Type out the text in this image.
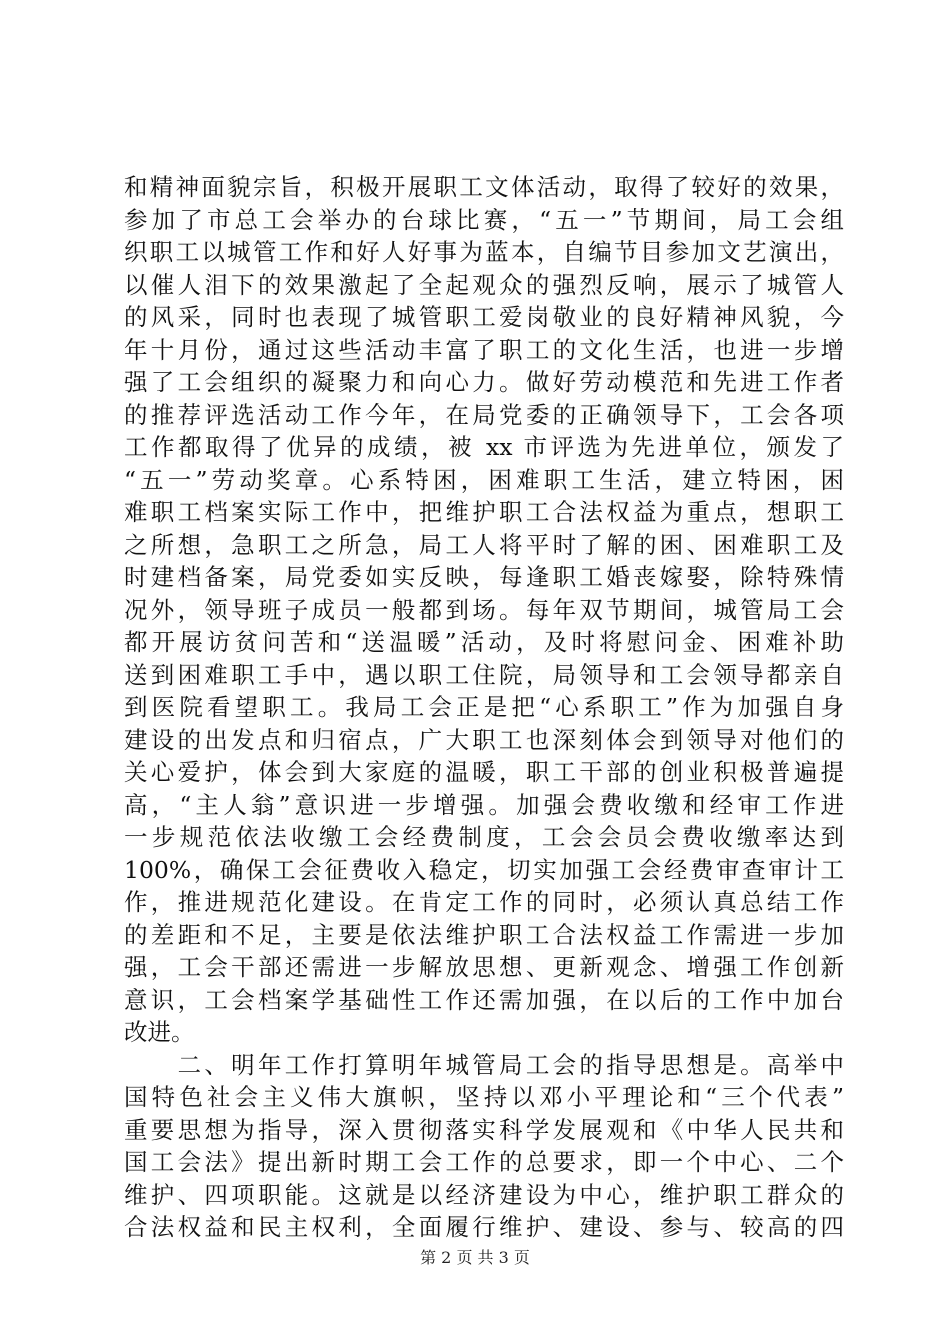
和精神面貌宗旨，积极开展职工文体活动，取得了较好的效果，
参加了市总工会举办的台球比赛，“五一”节期间，局工会组
织职工以城管工作和好人好事为蓝本，自编节目参加文艺演出，
以催人泪下的效果激起了全起观众的强烈反响，展示了城管人
的风采，同时也表现了城管职工爱岗敬业的良好精神风貌，今
年十月份，通过这些活动丰富了职工的文化生活，也进一步增
强了工会组织的凝聚力和向心力。做好劳动模范和先进工作者
的推荐评选活动工作今年，在局党委的正确领导下，工会各项
工作都取得了优异的成绩，被 xx 市评选为先进单位，颁发了
“五一”劳动奖章。心系特困，困难职工生活，建立特困，困
难职工档案实际工作中，把维护职工合法权益为重点，想职工
之所想，急职工之所急，局工人将平时了解的困、困难职工及
时建档备案，局党委如实反映，每逢职工婚丧嫁娶，除特殊情
况外，领导班子成员一般都到场。每年双节期间，城管局工会
都开展访贫问苦和“送温暖”活动，及时将慰问金、困难补助
送到困难职工手中，遇以职工住院，局领导和工会领导都亲自
到医院看望职工。我局工会正是把“心系职工”作为加强自身
建设的出发点和归宿点，广大职工也深刻体会到领导对他们的
关心爱护，体会到大家庭的温暖，职工干部的创业积极普遍提
高，“主人翁”意识进一步增强。加强会费收缴和经审工作进
一步规范依法收缴工会经费制度，工会会员会费收缴率达到
100%，确保工会征费收入稳定，切实加强工会经费审查审计工
作，推进规范化建设。在肯定工作的同时，必须认真总结工作
的差距和不足，主要是依法维护职工合法权益工作需进一步加
强，工会干部还需进一步解放思想、更新观念、增强工作创新
意识，工会档案学基础性工作还需加强，在以后的工作中加台
改进。
　　二、明年工作打算明年城管局工会的指导思想是。高举中
国特色社会主义伟大旗帜，坚持以邓小平理论和“三个代表”
重要思想为指导，深入贯彻落实科学发展观和《中华人民共和
国工会法》提出新时期工会工作的总要求，即一个中心、二个
维护、四项职能。这就是以经济建设为中心，维护职工群众的
合法权益和民主权利，全面履行维护、建设、参与、较高的四
第 2 页 共 3 页
